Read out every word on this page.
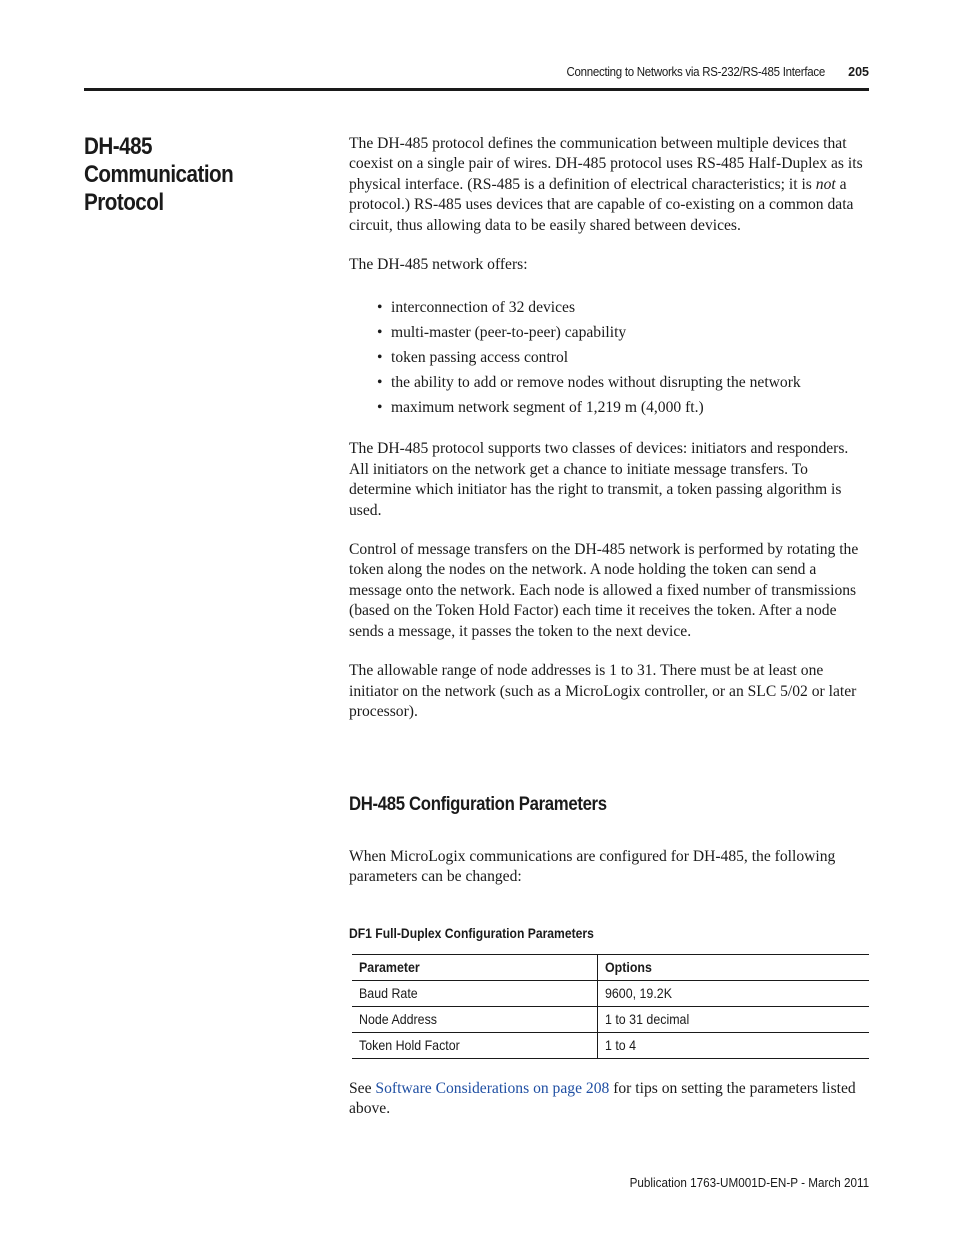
Connecting to Networks via RS-232/RS-485 Interface 205
DH-485 Communication Protocol

The DH-485 protocol defines the communication between multiple devices that coexist on a single pair of wires. DH-485 protocol uses RS-485 Half-Duplex as its physical interface. (RS-485 is a definition of electrical characteristics; it is not a protocol.) RS-485 uses devices that are capable of co-existing on a common data circuit, thus allowing data to be easily shared between devices.

The DH-485 network offers:

• interconnection of 32 devices
• multi-master (peer-to-peer) capability
• token passing access control
• the ability to add or remove nodes without disrupting the network
• maximum network segment of 1,219 m (4,000 ft.)

The DH-485 protocol supports two classes of devices: initiators and responders. All initiators on the network get a chance to initiate message transfers. To determine which initiator has the right to transmit, a token passing algorithm is used.

Control of message transfers on the DH-485 network is performed by rotating the token along the nodes on the network. A node holding the token can send a message onto the network. Each node is allowed a fixed number of transmissions (based on the Token Hold Factor) each time it receives the token. After a node sends a message, it passes the token to the next device.

The allowable range of node addresses is 1 to 31. There must be at least one initiator on the network (such as a MicroLogix controller, or an SLC 5/02 or later processor).

DH-485 Configuration Parameters

When MicroLogix communications are configured for DH-485, the following parameters can be changed:

DF1 Full-Duplex Configuration Parameters
Parameter	Options
Baud Rate	9600, 19.2K
Node Address	1 to 31 decimal
Token Hold Factor	1 to 4

See Software Considerations on page 208 for tips on setting the parameters listed above.

Publication 1763-UM001D-EN-P - March 2011
